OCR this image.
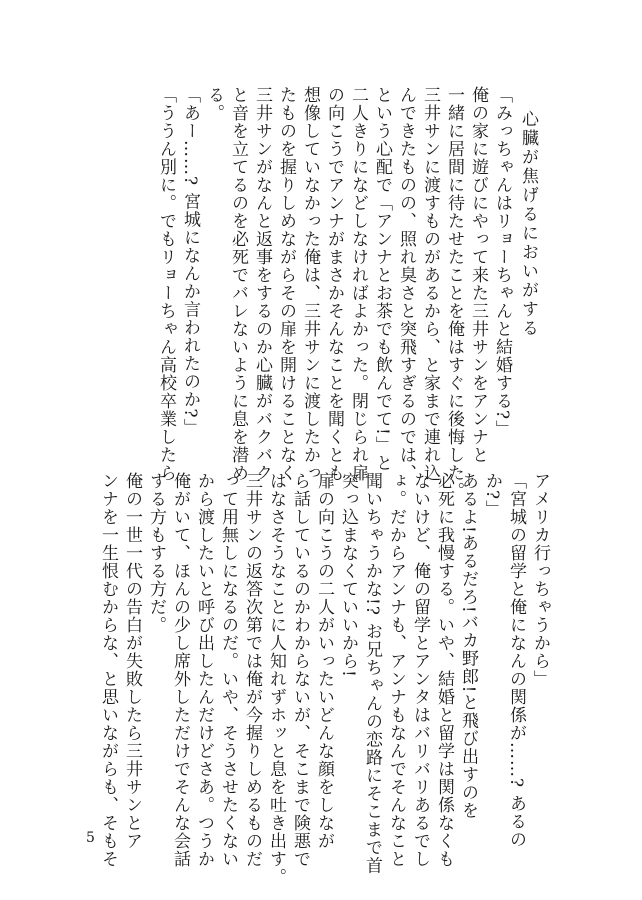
心臓が焦げるにおいがする
「みっちゃんはリョーちゃんと結婚する?」
俺の家に遊びにやって来た三井サンをアンナと
一緒に居間に待たせたことを俺はすぐに後悔した。
三井サンに渡すものがあるから、と家まで連れ込
んできたものの、照れ臭さと突飛すぎるのでは、
という心配で「アンナとお茶でも飲んでて!」と
二人きりになどしなければよかった。閉じられ扉
の向こうでアンナがまさかそんなことを聞くとも
想像していなかった俺は、三井サンに渡したかっ
たものを握りしめながらその扉を開けることなく
三井サンがなんと返事をするのか心臓がバクバク
と音を立てるのを必死でバレないように息を潜め
る。
「あー……? 宮城になんか言われたのか?」
「ううん別に。でもリョーちゃん高校卒業したら
アメリカ行っちゃうから」
「宮城の留学と俺になんの関係が……? あるの
か?」
あるよ!あるだろ!バカ野郎!と飛び出すのを
必死に我慢する。いや、結婚と留学は関係なくも
ないけど、俺の留学とアンタはバリバリあるでし
ょ。だからアンナも、アンナもなんでそんなこと
聞いちゃうかな!? お兄ちゃんの恋路にそこまで首
突っ込まなくていいから!
扉の向こうの二人がいったいどんな顔をしなが
ら話しているのかわからないが、そこまで険悪で
はなさそうなことに人知れずホッと息を吐き出す。
三井サンの返答次第では俺が今握りしめるものだ
って用無しになるのだ。いや、そうさせたくない
から渡したいと呼び出したんだけどさあ。つうか
俺がいて、ほんの少し席外しただけでそんな会話
する方もする方だ。
俺の一世一代の告白が失敗したら三井サンとア
ンナを一生恨むからな、と思いながらも、そもそ
5
